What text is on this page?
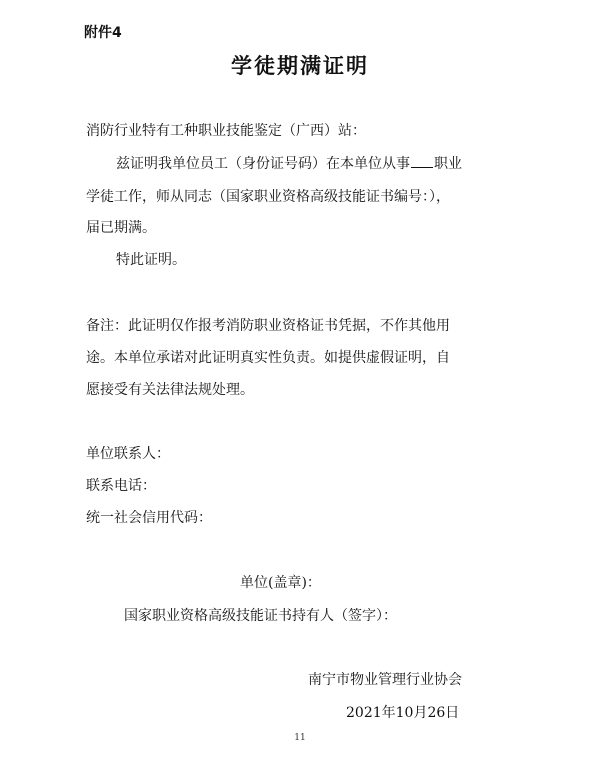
附件4
学徒期满证明
消防行业特有工种职业技能鉴定（广西）站：
兹证明我单位员工（身份证号码）在本单位从事 职业
学徒工作，师从同志（国家职业资格高级技能证书编号：），
届已期满。
特此证明。
备注：此证明仅作报考消防职业资格证书凭据，不作其他用
途。本单位承诺对此证明真实性负责。如提供虚假证明，自
愿接受有关法律法规处理。
单位联系人：
联系电话：
统一社会信用代码：
单位(盖章)：
国家职业资格高级技能证书持有人（签字）：
南宁市物业管理行业协会
2021年10月26日
11
